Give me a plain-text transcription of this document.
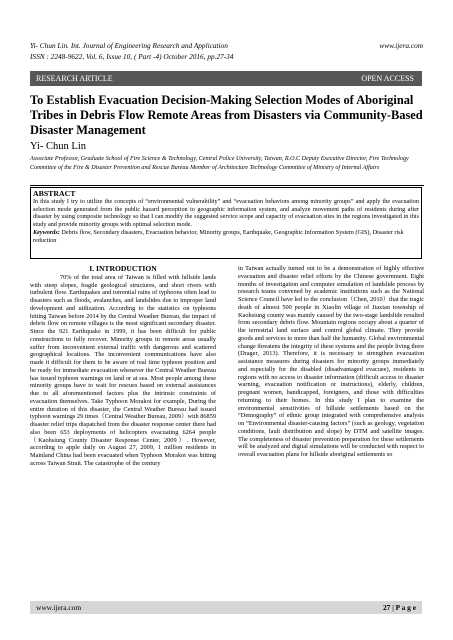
Yi- Chun Lin. Int. Journal of Engineering Research and Application	www.ijera.com
ISSN : 2248-9622, Vol. 6, Issue 10, ( Part -4) October 2016, pp.27-34
RESEARCH ARTICLE	OPEN ACCESS
To Establish Evacuation Decision-Making Selection Modes of Aboriginal Tribes in Debris Flow Remote Areas from Disasters via Community-Based Disaster Management
Yi- Chun Lin
Associate Professor, Graduate School of Fire Science & Technology, Central Police University, Taiwan, R.O.C Deputy Executive Director, Fire Technology Committee of the Fire & Disaster Prevention and Rescue Bureau Member of Architecture Technology Committee of Ministry of Internal Affairs
ABSTRACT
In this study I try to utilize the concepts of “environmental vulnerability” and “evacuation behaviors among minority groups” and apply the evacuation selection mode generated from the public hazard perception to geographic information system, and analyze movement paths of residents during after disaster by using composite technology so that I can modify the suggested service scope and capacity of evacuation sites in the regions investigated in this study and provide minority groups with optimal selection mode.
Keywords: Debris flow, Secondary disasters, Evacuation behavior, Minority groups, Earthquake, Geographic Information System (GIS), Disaster risk reduction
I. INTRODUCTION
70% of the total area of Taiwan is filled with hillside lands with steep slopes, fragile geological structures, and short rivers with turbulent flow. Earthquakes and torrential rains of typhoons often lead to disasters such as floods, avalanches, and landslides due to improper land development and utilization. According to the statistics on typhoons hitting Taiwan before 2014 by the Central Weather Bureau, the impact of debris flow on remote villages is the most significant secondary disaster. Since the 921 Earthquake in 1999, it has been difficult for public constructions to fully recover. Minority groups in remote areas usually suffer from inconvenient external traffic with dangerous and scattered geographical locations. The inconvenient communications have also made it difficult for them to be aware of real time typhoon position and be ready for immediate evacuation whenever the Central Weather Bureau has issued typhoon warnings on land or at sea. Most people among these minority groups have to wait for rescues based on external assistances due to all aforementioned factors plus the intrinsic constraints of evacuation themselves. Take Typhoon Morakot for example, During the entire duration of this disaster, the Central Weather Bureau had issued typhoon warnings 29 times（Central Weather Bureau, 2009）with 86859 disaster relief trips dispatched from the disaster response center there had also been 653 deployments of helicopters evacuating 6264 people （Kaohsiung County Disaster Response Center, 2009）. However, according to apple daily on August 27, 2009, 1 million residents in Mainland China had been evacuated when Typhoon Morakot was hitting across Taiwan Strait. The catastrophe of the century
in Taiwan actually turned out to be a demonstration of highly effective evacuation and disaster relief efforts by the Chinese government. Eight months of investigation and computer simulation of landslide process by research teams convened by academic institutions such as the National Science Council have led to the conclusion（Chen, 2010）that the tragic death of almost 500 people in Xiaolin village of Jiaxian township of Kaohsiung county was mainly caused by the two-stage landslide resulted from secondary debris flow. Mountain regions occupy about a quarter of the terrestrial land surface and control global climate. They provide goods and services to more than half the humanity. Global environmental change threatens the integrity of these systems and the people living there (Drager, 2013). Therefore, it is necessary to strengthen evacuation assistance measures during disasters for minority groups immediately and especially for the disabled (disadvantaged evacuee), residents in regions with no access to disaster information (difficult access to disaster warning, evacuation notification or instructions), elderly, children, pregnant women, handicapped, foreigners, and those with difficulties returning to their homes. In this study I plan to examine the environmental sensitivities of hillside settlements based on the “Demography” of ethnic group integrated with comprehensive analysis on “Environmental disaster-causing factors” (such as geology, vegetation conditions, fault distribution and slope) by DTM and satellite images. The completeness of disaster prevention preparation for these settlements will be analyzed and digital simulations will be conducted with respect to overall evacuation plans for hillside aboriginal settlements so
www.ijera.com	27 | P a g e
